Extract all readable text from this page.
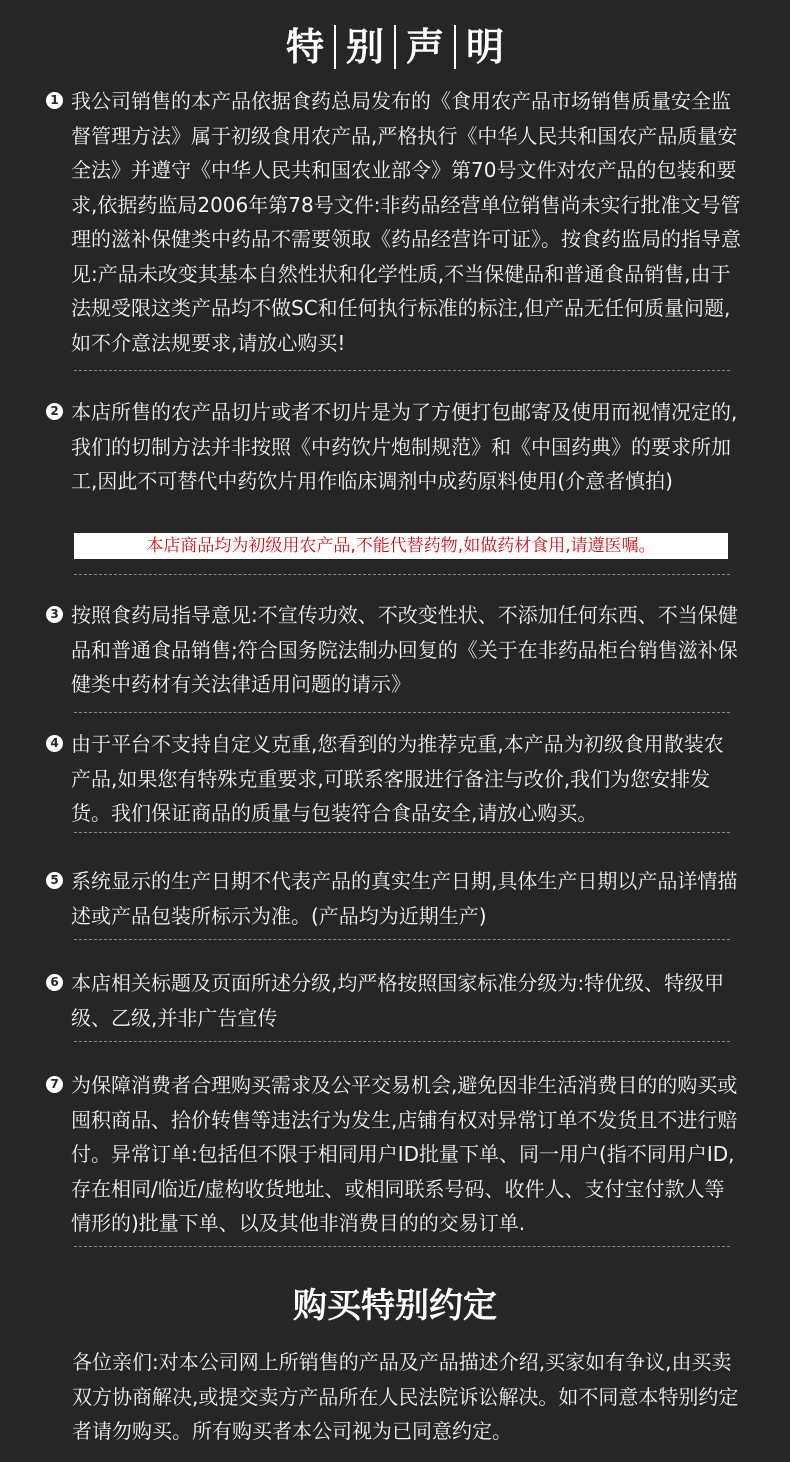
特 别 声 明
1 我公司销售的本产品依据食药总局发布的《食用农产品市场销售质量安全监督管理方法》属于初级食用农产品,严格执行《中华人民共和国农产品质量安全法》并遵守《中华人民共和国农业部令》第70号文件对农产品的包装和要求,依据药监局2006年第78号文件:非药品经营单位销售尚未实行批准文号管理的滋补保健类中药品不需要领取《药品经营许可证》。按食药监局的指导意见:产品未改变其基本自然性状和化学性质,不当保健品和普通食品销售,由于法规受限这类产品均不做SC和任何执行标准的标注,但产品无任何质量问题,如不介意法规要求,请放心购买!

2 本店所售的农产品切片或者不切片是为了方便打包邮寄及使用而视情况定的,我们的切制方法并非按照《中药饮片炮制规范》和《中国药典》的要求所加工,因此不可替代中药饮片用作临床调剂中成药原料使用(介意者慎拍)

本店商品均为初级用农产品,不能代替药物,如做药材食用,请遵医嘱。
3 按照食药局指导意见:不宣传功效、不改变性状、不添加任何东西、不当保健品和普通食品销售;符合国务院法制办回复的《关于在非药品柜台销售滋补保健类中药材有关法律适用问题的请示》

4 由于平台不支持自定义克重,您看到的为推荐克重,本产品为初级食用散装农产品,如果您有特殊克重要求,可联系客服进行备注与改价,我们为您安排发货。我们保证商品的质量与包装符合食品安全,请放心购买。

5 系统显示的生产日期不代表产品的真实生产日期,具体生产日期以产品详情描述或产品包装所标示为准。(产品均为近期生产)

6 本店相关标题及页面所述分级,均严格按照国家标准分级为:特优级、特级甲级、乙级,并非广告宣传

7 为保障消费者合理购买需求及公平交易机会,避免因非生活消费目的的购买或囤积商品、拾价转售等违法行为发生,店铺有权对异常订单不发货且不进行赔付。异常订单:包括但不限于相同用户ID批量下单、同一用户(指不同用户ID,存在相同/临近/虚构收货地址、或相同联系号码、收件人、支付宝付款人等情形的)批量下单、以及其他非消费目的的交易订单.

购买特别约定

各位亲们:对本公司网上所销售的产品及产品描述介绍,买家如有争议,由买卖双方协商解决,或提交卖方产品所在人民法院诉讼解决。如不同意本特别约定者请勿购买。所有购买者本公司视为已同意约定。
